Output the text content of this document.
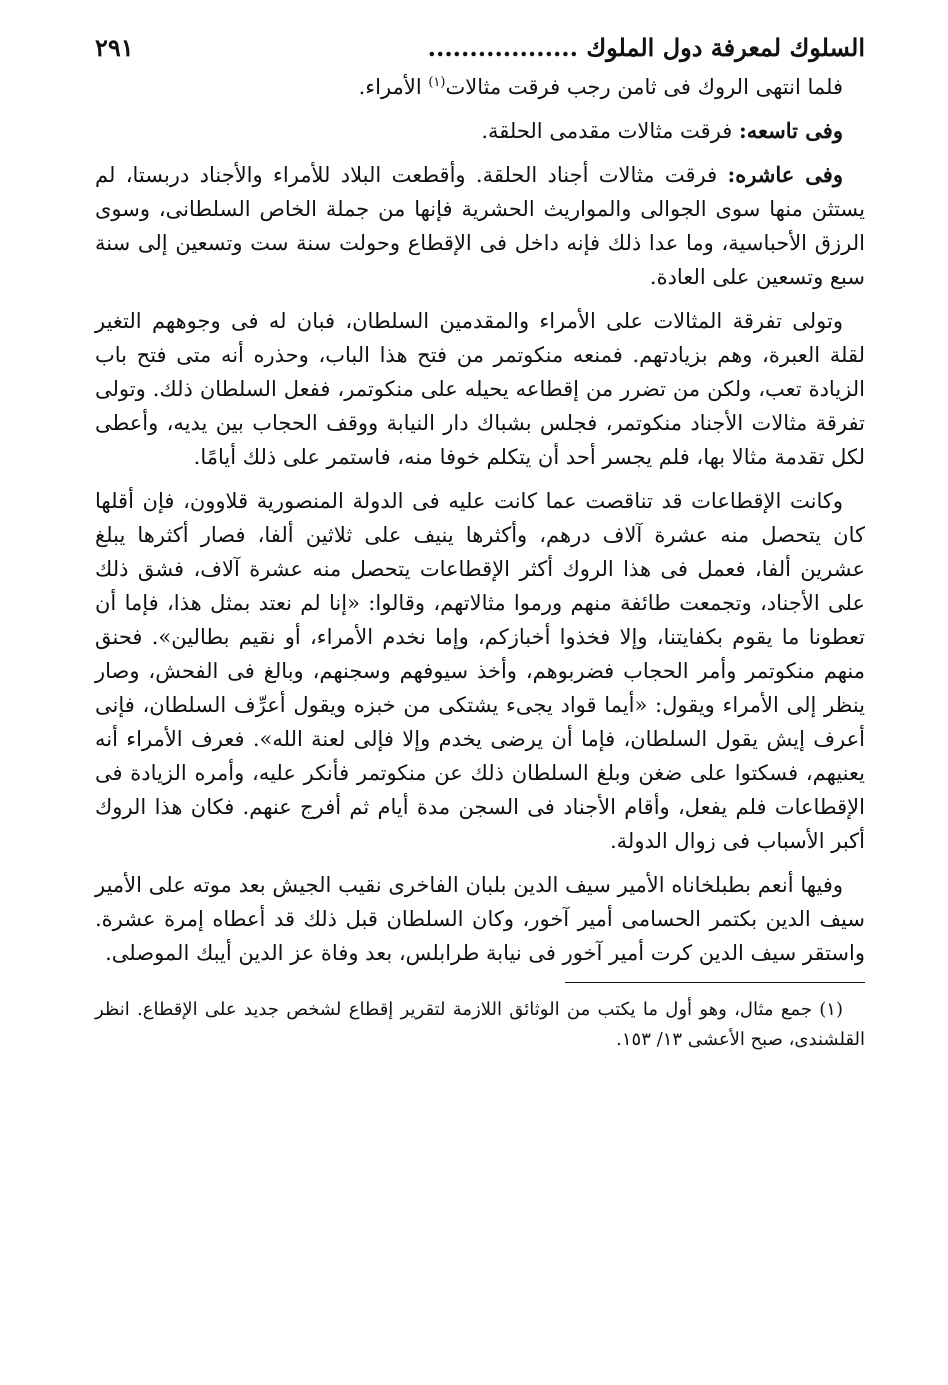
السلوك لمعرفة دول الملوك ..................
٢٩١

فلما انتهى الروك فى ثامن رجب فرقت مثالات$^{(١)}$ الأمراء.

وفى تاسعه: فرقت مثالات مقدمى الحلقة.

وفى عاشره: فرقت مثالات أجناد الحلقة. وأقطعت البلاد للأمراء والأجناد دربستا، لم يستثن منها سوى الجوالى والمواريث الحشرية فإنها من جملة الخاص السلطانى، وسوى الرزق الأحباسية، وما عدا ذلك فإنه داخل فى الإقطاع وحولت سنة ست وتسعين إلى سنة سبع وتسعين على العادة.

وتولى تفرقة المثالات على الأمراء والمقدمين السلطان، فبان له فى وجوههم التغير لقلة العبرة، وهم بزيادتهم. فمنعه منكوتمر من فتح هذا الباب، وحذره أنه متى فتح باب الزيادة تعب، ولكن من تضرر من إقطاعه يحيله على منكوتمر، ففعل السلطان ذلك. وتولى تفرقة مثالات الأجناد منكوتمر، فجلس بشباك دار النيابة ووقف الحجاب بين يديه، وأعطى لكل تقدمة مثالا بها، فلم يجسر أحد أن يتكلم خوفا منه، فاستمر على ذلك أيامًا.

وكانت الإقطاعات قد تناقصت عما كانت عليه فى الدولة المنصورية قلاوون، فإن أقلها كان يتحصل منه عشرة آلاف درهم، وأكثرها ينيف على ثلاثين ألفا، فصار أكثرها يبلغ عشرين ألفا، فعمل فى هذا الروك أكثر الإقطاعات يتحصل منه عشرة آلاف، فشق ذلك على الأجناد، وتجمعت طائفة منهم ورموا مثالاتهم، وقالوا: «إنا لم نعتد بمثل هذا، فإما أن تعطونا ما يقوم بكفايتنا، وإلا فخذوا أخبازكم، وإما نخدم الأمراء، أو نقيم بطالين». فحنق منهم منكوتمر وأمر الحجاب فضربوهم، وأخذ سيوفهم وسجنهم، وبالغ فى الفحش، وصار ينظر إلى الأمراء ويقول: «أيما قواد يجىء يشتكى من خبزه ويقول أعرِّف السلطان، فإنى أعرف إيش يقول السلطان، فإما أن يرضى يخدم وإلا فإلى لعنة الله». فعرف الأمراء أنه يعنيهم، فسكتوا على ضغن وبلغ السلطان ذلك عن منكوتمر فأنكر عليه، وأمره الزيادة فى الإقطاعات فلم يفعل، وأقام الأجناد فى السجن مدة أيام ثم أفرج عنهم. فكان هذا الروك أكبر الأسباب فى زوال الدولة.

وفيها أنعم بطبلخاناه الأمير سيف الدين بلبان الفاخرى نقيب الجيش بعد موته على الأمير سيف الدين بكتمر الحسامى أمير آخور، وكان السلطان قبل ذلك قد أعطاه إمرة عشرة. واستقر سيف الدين كرت أمير آخور فى نيابة طرابلس، بعد وفاة عز الدين أيبك الموصلى.

(١) جمع مثال، وهو أول ما يكتب من الوثائق اللازمة لتقرير إقطاع لشخص جديد على الإقطاع. انظر القلشندى، صبح الأعشى ١٣/ ١٥٣.
